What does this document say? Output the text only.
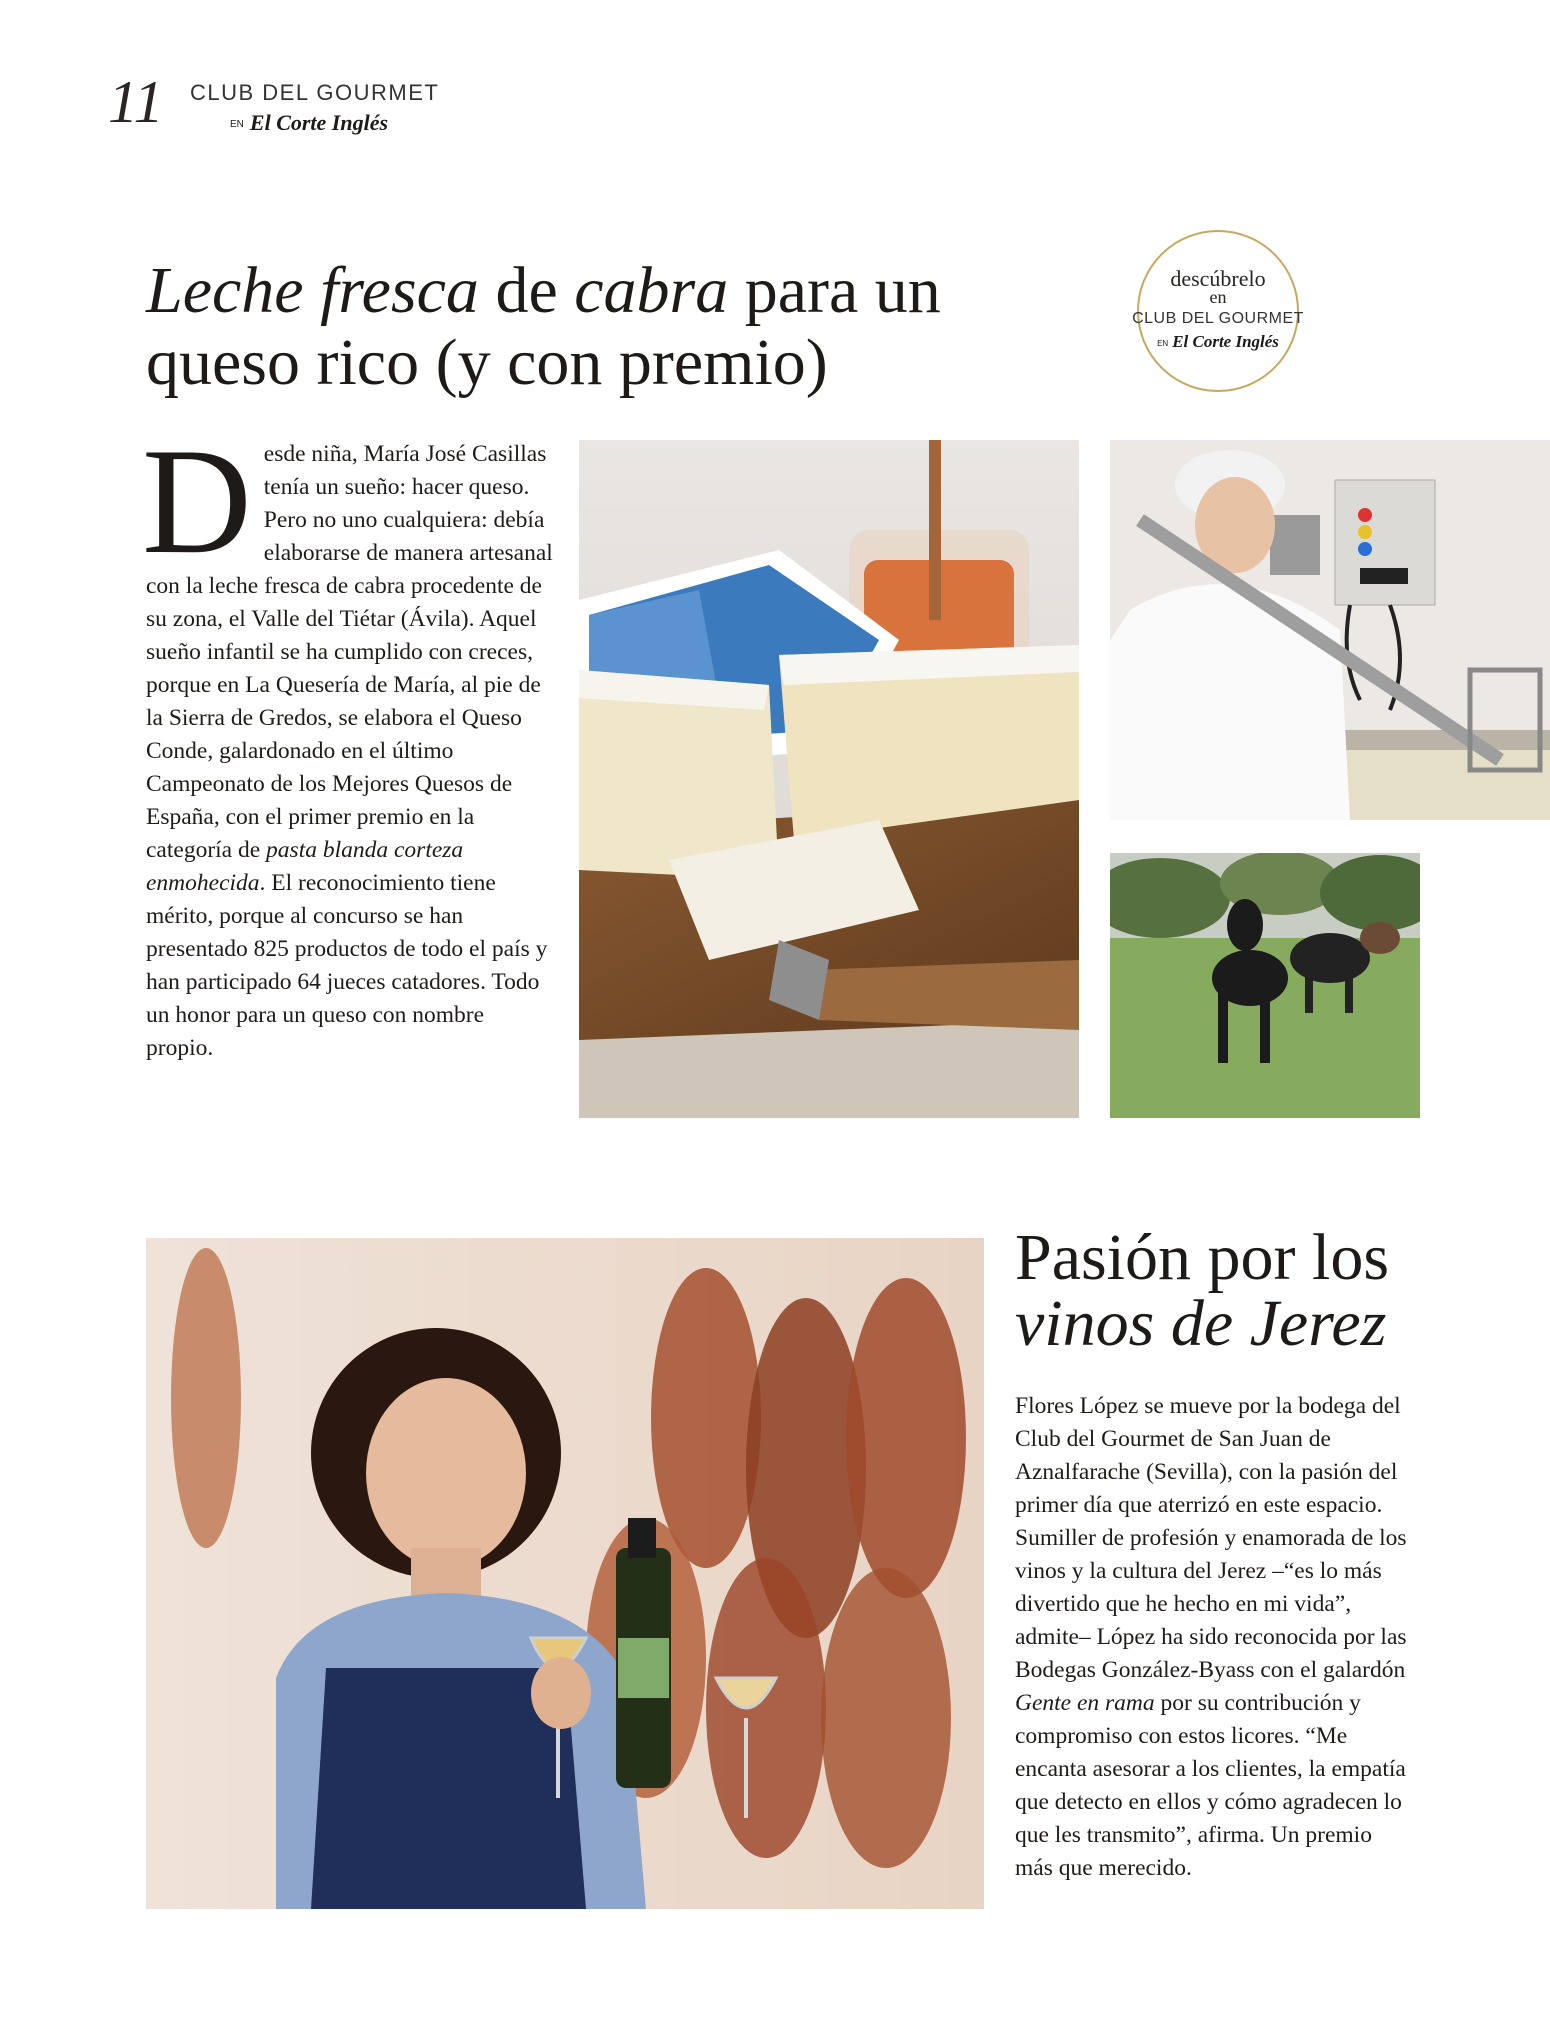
11 CLUB DEL GOURMET
EN El Corte Inglés
Leche fresca de cabra para un queso rico (y con premio)
descúbrelo
en
CLUB DEL GOURMET
EN El Corte Inglés

Desde niña, María José Casillas tenía un sueño: hacer queso. Pero no uno cualquiera: debía elaborarse de manera artesanal con la leche fresca de cabra procedente de su zona, el Valle del Tiétar (Ávila). Aquel sueño infantil se ha cumplido con creces, porque en La Quesería de María, al pie de la Sierra de Gredos, se elabora el Queso Conde, galardonado en el último Campeonato de los Mejores Quesos de España, con el primer premio en la categoría de pasta blanda corteza enmohecida. El reconocimiento tiene mérito, porque al concurso se han presentado 825 productos de todo el país y han participado 64 jueces catadores. Todo un honor para un queso con nombre propio.

Pasión por los vinos de Jerez

Flores López se mueve por la bodega del Club del Gourmet de San Juan de Aznalfarache (Sevilla), con la pasión del primer día que aterrizó en este espacio. Sumiller de profesión y enamorada de los vinos y la cultura del Jerez –“es lo más divertido que he hecho en mi vida”, admite– López ha sido reconocida por las Bodegas González-Byass con el galardón Gente en rama por su contribución y compromiso con estos licores. “Me encanta asesorar a los clientes, la empatía que detecto en ellos y cómo agradecen lo que les transmito”, afirma. Un premio más que merecido.
